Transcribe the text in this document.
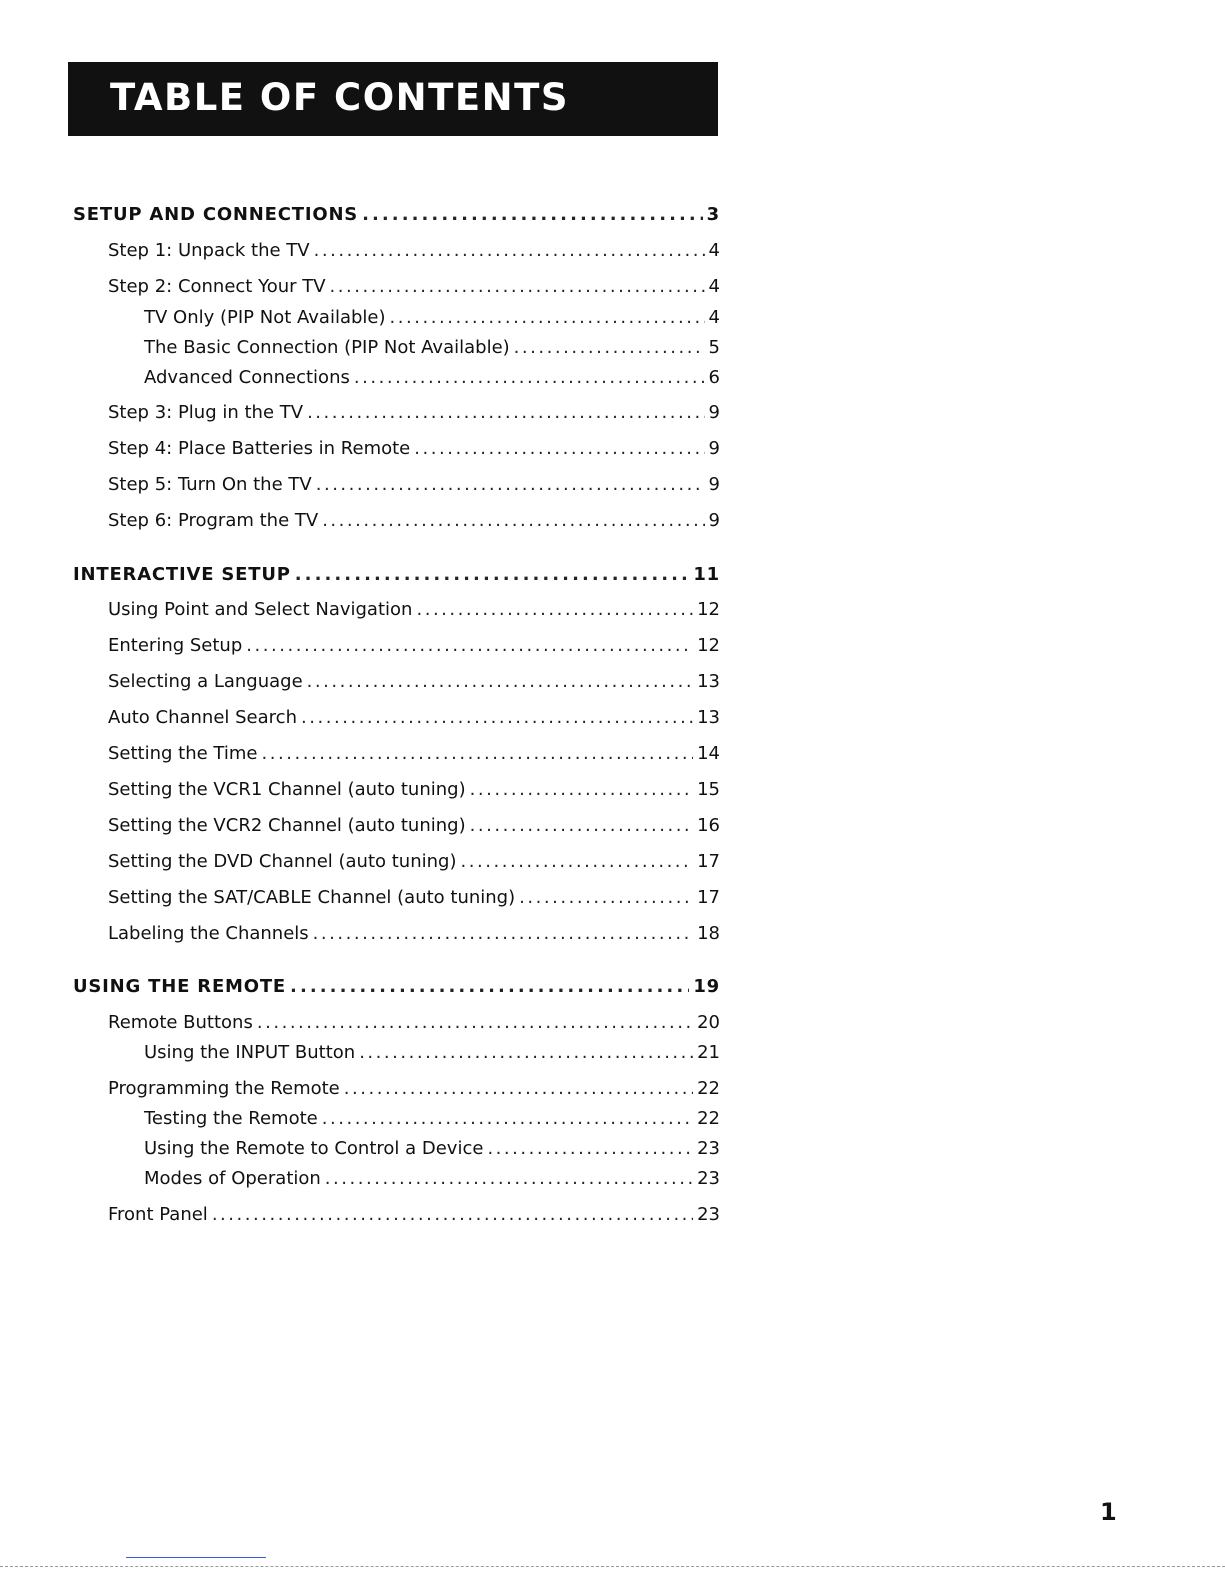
TABLE OF CONTENTS
SETUP AND CONNECTIONS . . .	3
Step 1: Unpack the TV . . .	4
Step 2: Connect Your TV . . .	4
TV Only (PIP Not Available) . . .	4
The Basic Connection (PIP Not Available) . . .	5
Advanced Connections . . .	6
Step 3: Plug in the TV . . .	9
Step 4: Place Batteries in Remote . . .	9
Step 5: Turn On the TV . . .	9
Step 6: Program the TV . . .	9
INTERACTIVE SETUP . . .	11
Using Point and Select Navigation . . .	12
Entering Setup . . .	12
Selecting a Language . . .	13
Auto Channel Search . . .	13
Setting the Time . . .	14
Setting the VCR1 Channel (auto tuning) . . .	15
Setting the VCR2 Channel (auto tuning) . . .	16
Setting the DVD Channel (auto tuning) . . .	17
Setting the SAT/CABLE Channel (auto tuning) . . .	17
Labeling the Channels . . .	18
USING THE REMOTE . . .	19
Remote Buttons . . .	20
Using the INPUT Button . . .	21
Programming the Remote . . .	22
Testing the Remote . . .	22
Using the Remote to Control a Device . . .	23
Modes of Operation . . .	23
Front Panel . . .	23
1
